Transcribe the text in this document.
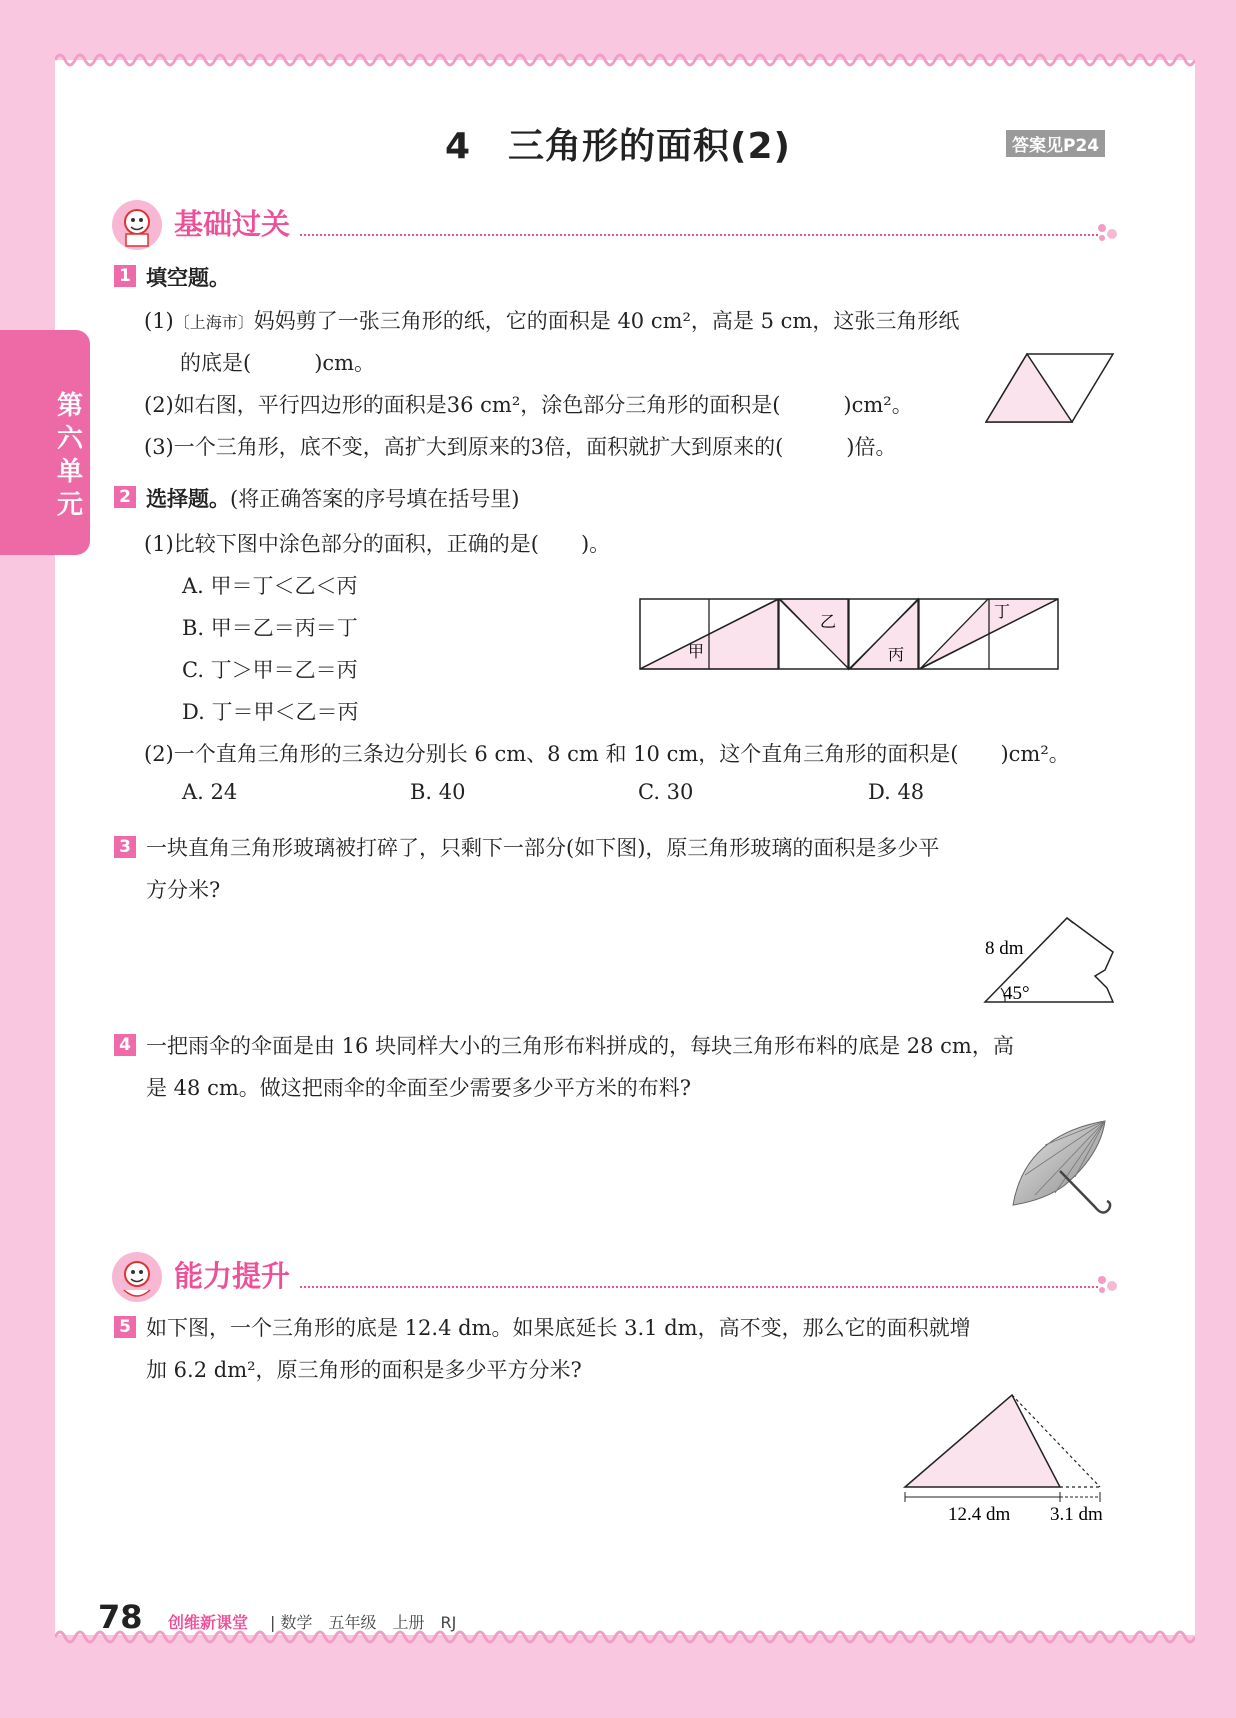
第六单元
4　三角形的面积(2)	答案见P24
基础过关
1 填空题。
(1)〔上海市〕妈妈剪了一张三角形的纸，它的面积是 40 cm²，高是 5 cm，这张三角形纸
的底是(　　　)cm。
(2)如右图，平行四边形的面积是36 cm²，涂色部分三角形的面积是(　　　)cm²。
(3)一个三角形，底不变，高扩大到原来的3倍，面积就扩大到原来的(　　　)倍。
2 选择题。(将正确答案的序号填在括号里)
(1)比较下图中涂色部分的面积，正确的是(　　)。
A. 甲＝丁＜乙＜丙
B. 甲＝乙＝丙＝丁
C. 丁＞甲＝乙＝丙
D. 丁＝甲＜乙＝丙
甲
乙
丙
丁
(2)一个直角三角形的三条边分别长 6 cm、8 cm 和 10 cm，这个直角三角形的面积是(　　)cm²。
A. 24	B. 40	C. 30	D. 48
3 一块直角三角形玻璃被打碎了，只剩下一部分(如下图)，原三角形玻璃的面积是多少平
方分米?
8 dm
45°
4 一把雨伞的伞面是由 16 块同样大小的三角形布料拼成的，每块三角形布料的底是 28 cm，高
是 48 cm。做这把雨伞的伞面至少需要多少平方米的布料?
能力提升
5 如下图，一个三角形的底是 12.4 dm。如果底延长 3.1 dm，高不变，那么它的面积就增
加 6.2 dm²，原三角形的面积是多少平方分米?
12.4 dm 3.1 dm
78 创维新课堂 | 数学　五年级　上册　RJ
